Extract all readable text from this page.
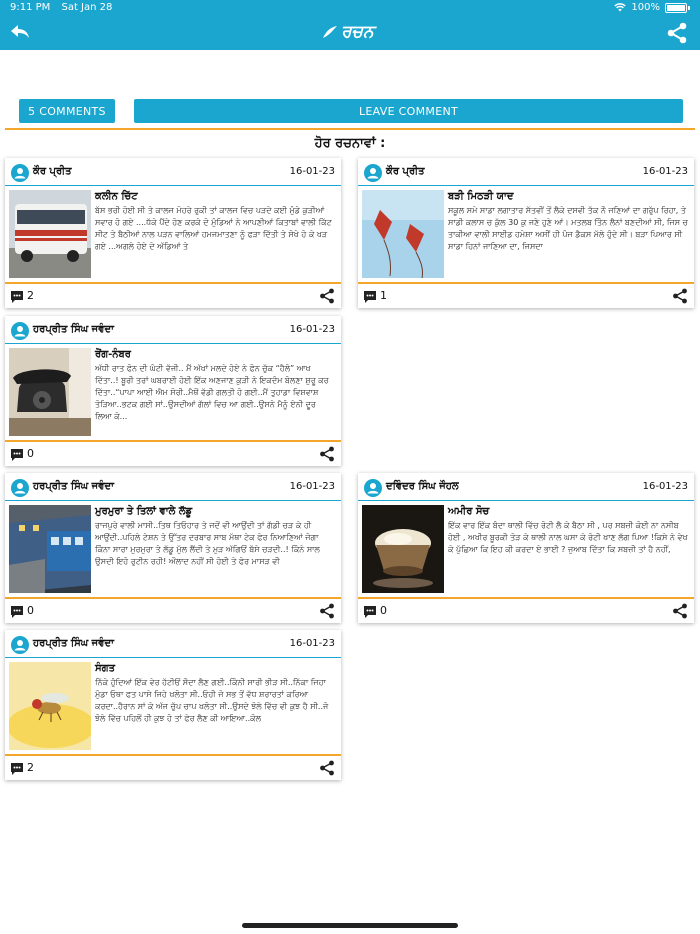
9:11 PM Sat Jan 28	100%
ਰਚਨ
5 COMMENTS	LEAVE COMMENT
ਹੋਰ ਰਚਨਾਵਾਂ :
ਕੌਰ ਪ੍ਰੀਤ	16-01-23
ਕਲੀਨ ਚਿੱਟ
ਬੱਸ ਭਰੀ ਹੋਈ ਸੀ ਤੇ ਕਾਲਜ ਮੋਹਰੇ ਰੁਕੀ ਤਾਂ ਕਾਲਜ ਵਿਚ ਪੜਦੇ ਕਈ ਮੁੰਡੇ ਕੁੜੀਆਂ ਸਵਾਰ ਹੋ ਗਏ ....ਧੱਕੇ ਪੈਂਦੇ ਹੋਣ ਕਰਕੇ ਦੋ ਮੁੰਡਿਆਂ ਨੇ ਆਪਣੀਆਂ ਕਿਤਾਬਾਂ ਵਾਲੀ ਕਿੱਟ ਸੀਟ ਤੇ ਬੈਠੀਆਂ ਨਾਲ ਪੜਨ ਵਾਲਿਆਂ ਹਮਜਮਾਤਣਾ ਨੂੰ ਫੜਾ ਦਿੱਤੀ ਤੇ ਸੋਖੇ ਹੋ ਕੇ ਖੜ ਗਏ ...ਅਗਲੇ ਹੋਏ ਦੇ ਅੱਡਿਆਂ ਤੇ
2
ਕੌਰ ਪ੍ਰੀਤ	16-01-23
ਬੜੀ ਮਿਠੜੀ ਯਾਦ
ਸਕੂਲ ਸਮੇ ਸਾਡਾ ਲਗਾਤਾਰ ਸੱਤਵੀਂ ਤੋਂ ਲੈਕੇ ਦਸਵੀ ਤੱਕ ਨੌ ਜਣਿਆਂ ਦਾ ਗਰੁੱਪ ਰਿਹਾ, ਤੇ ਸਾਡੀ ਕਲਾਸ ਚ ਕੁੱਲ 30 ਕੁ ਜਣੇ ਹੁਣੇ ਆਂ। ਮਤਲਬ ਤਿੰਨ ਲੈਨਾਂ ਬਣਦੀਆਂ ਸੀ, ਜਿਸ ਚ ਤਾਕੀਆ ਵਾਲੀ ਸਾਈਡ ਹਮੇਸ਼ਾ ਅਸੀਂ ਹੀ ਪੰਜ ਡੈਕਸ ਮੱਲੇ ਹੁੰਦੇ ਸੀ। ਬੜਾ ਪਿਆਰ ਸੀ ਸਾਡਾ ਹਿਨਾਂ ਜਾਣਿਆ ਦਾ, ਜਿਸਦਾ
1
ਹਰਪ੍ਰੀਤ ਸਿੰਘ ਜਵੰਦਾ	16-01-23
ਰੋਂਗ-ਨੰਬਰ
ਅੱਧੀ ਰਾਤ ਫੋਨ ਦੀ ਘੰਟੀ ਵੱਜੀ.. ਮੈਂ ਅੱਖਾਂ ਮਲਦੇ ਹੋਏ ਨੇ ਫੋਨ ਚੁੱਕ “ਹੈਲੋ” ਆਖ ਦਿੱਤਾ..! ਬੂਰੀ ਤਰਾਂ ਘਬਰਾਈ ਹੋਈ ਇੱਕ ਅਣਜਾਣ ਕੁੜੀ ਨੇ ਇਕਦੰਮ ਬੋਲਣਾ ਸ਼ੁਰੂ ਕਰ ਦਿੱਤਾ..“ਪਾਪਾ ਆਈ ਐਮ ਸੋਰੀ..ਮੈਥੋਂ ਵੱਡੀ ਗਲਤੀ ਹੋ ਗਈ..ਮੈਂ ਤੁਹਾਡਾ ਵਿਸ਼ਵਾਸ਼ ਤੋੜਿਆ..ਭਟਕ ਗਈ ਸਾਂ..ਉਸਦੀਆਂ ਗੱਲਾਂ ਵਿਚ ਆ ਗਈ..ਉਸਨੇ ਮੈਨੂੰ ਏਨੀ ਦੂਰ ਲਿਆ ਕੇ...
0
ਹਰਪ੍ਰੀਤ ਸਿੰਘ ਜਵੰਦਾ	16-01-23
ਮੁਰਮੁਰਾ ਤੇ ਤਿਲਾਂ ਵਾਲੇ ਲੱਡੂ
ਰਾਜਪੁਰੇ ਵਾਲੀ ਮਾਸੀ..ਤਿਥ ਤਿਓਹਾਰ ਤੇ ਜਦੋਂ ਵੀ ਆਉਂਦੀ ਤਾਂ ਗੱਡੀ ਚੜ ਕੇ ਹੀ ਆਉਂਦੀ..ਪਹਿਲੇ ਟੇਸ਼ਨ ਤੇ ਉੱਤਰ ਦਰਬਾਰ ਸਾਬ ਮੱਥਾ ਟੇਕ ਫੇਰ ਨਿਆਣਿਆਂ ਜੋਗਾ ਕਿੰਨਾ ਸਾਰਾ ਮੁਰਮੁਰਾ ਤੇ ਲੱਡੂ ਮੁੱਲ ਲੈਂਦੀ ਤੇ ਮੁੜ ਅੱਗਿਓਂ ਬੱਸੇ ਚੜਦੀ..! ਕਿੰਨੇ ਸਾਲ ਉਸਦੀ ਇਹੋ ਰੁਟੀਨ ਰਹੀ! ਔਲਾਦ ਨਹੀਂ ਸੀ ਹੋਈ ਤੇ ਫੇਰ ਮਾਸੜ ਵੀ
0
ਦਵਿੰਦਰ ਸਿੰਘ ਜੌਹਲ	16-01-23
ਅਮੀਰ ਸੋਚ
ਇੱਕ ਵਾਰ ਇੱਕ ਬੰਦਾ ਥਾਲੀ ਵਿੱਚ ਰੋਟੀ ਲੈ ਕੇ ਬੈਠਾ ਸੀ , ਪਰ ਸਬਜ਼ੀ ਕੋਈ ਨਾ ਨਸੀਬ ਹੋਈ , ਅਖੀਰ ਬੂਰਕੀ ਤੋੜ ਕੇ ਥਾਲੀ ਨਾਲ ਘਸਾ ਕੇ ਰੋਟੀ ਖਾਣ ਲੱਗ ਪਿਆ !ਕਿਸੇ ਨੇ ਵੇਖ ਕੇ ਪੁੱਛਿਆ ਕਿ ਇਹ ਕੀ ਕਰਦਾ ਏ ਭਾਈ ? ਜੁਆਬ ਦਿੱਤਾ ਕਿ ਸਬਜ਼ੀ ਤਾਂ ਹੈ ਨਹੀਂ,
0
ਹਰਪ੍ਰੀਤ ਸਿੰਘ ਜਵੰਦਾ	16-01-23
ਸੰਗਤ
ਨਿੱਕੇ ਹੁੰਦਿਆਂ ਇੱਕ ਵੇਰ ਹੱਟੀਓਂ ਸੌਦਾ ਲੈਣ ਗਈ..ਕਿੰਨੀ ਸਾਰੀ ਭੀੜ ਸੀ..ਨਿੱਕਾ ਜਿਹਾ ਮੁੰਡਾ ਓਥਾ ਫਤ ਪਾਸੇ ਜਿਹੇ ਖਲੋਤਾ ਸੀ..ਓਹੀ ਜੋ ਸਭ ਤੋਂ ਵੱਧ ਸ਼ਰਾਰਤਾਂ ਕਰਿਆ ਕਰਦਾ..ਹੈਰਾਨ ਸਾਂ ਕੇ ਅੱਜ ਚੁੱਪ ਚਾਪ ਖਲੋਤਾ ਸੀ..ਉਸਦੇ ਝੋਲੇ ਵਿੱਚ ਵੀ ਕੁਝ ਹੈ ਸੀ..ਜੋ ਝੋਲੇ ਵਿੱਚ ਪਹਿਲੋਂ ਹੀ ਕੁਝ ਹੋ ਤਾਂ ਫੇਰ ਲੈਣ ਕੀ ਆਇਆ..ਕੋਲ
2
